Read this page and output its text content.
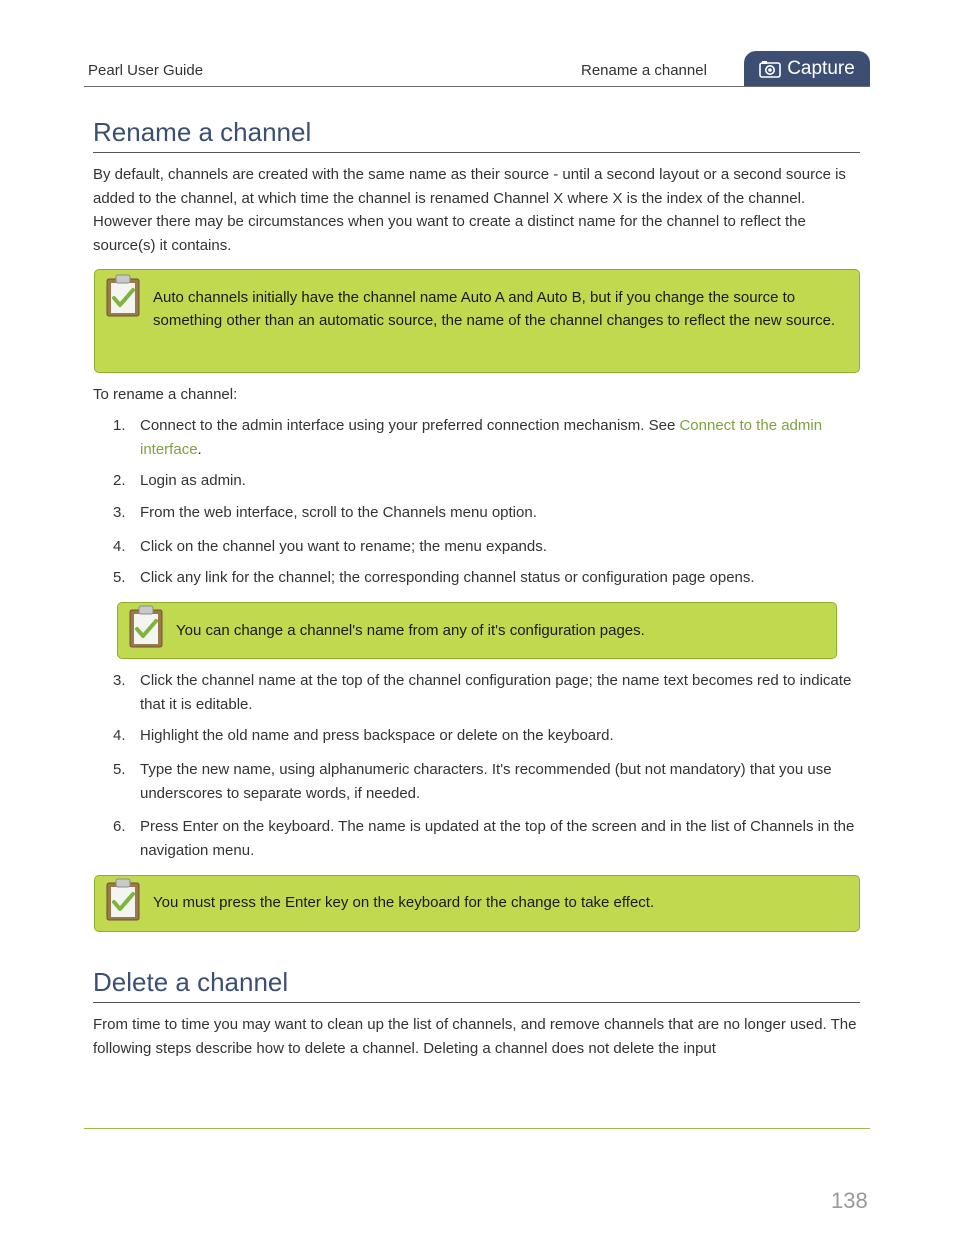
Pearl User Guide	Rename a channel	Capture
Rename a channel

By default, channels are created with the same name as their source - until a second layout or a second source is added to the channel, at which time the channel is renamed Channel X where X is the index of the channel. However there may be circumstances when you want to create a distinct name for the channel to reflect the source(s) it contains.

Auto channels initially have the channel name Auto A and Auto B, but if you change the source to something other than an automatic source, the name of the channel changes to reflect the new source.

To rename a channel:

1. Connect to the admin interface using your preferred connection mechanism. See Connect to the admin interface.
2. Login as admin.
3. From the web interface, scroll to the Channels menu option.
4. Click on the channel you want to rename; the menu expands.
5. Click any link for the channel; the corresponding channel status or configuration page opens.

You can change a channel's name from any of it's configuration pages.

3. Click the channel name at the top of the channel configuration page; the name text becomes red to indicate that it is editable.
4. Highlight the old name and press backspace or delete on the keyboard.
5. Type the new name, using alphanumeric characters. It's recommended (but not mandatory) that you use underscores to separate words, if needed.
6. Press Enter on the keyboard. The name is updated at the top of the screen and in the list of Channels in the navigation menu.

You must press the Enter key on the keyboard for the change to take effect.

Delete a channel

From time to time you may want to clean up the list of channels, and remove channels that are no longer used. The following steps describe how to delete a channel. Deleting a channel does not delete the input

138
